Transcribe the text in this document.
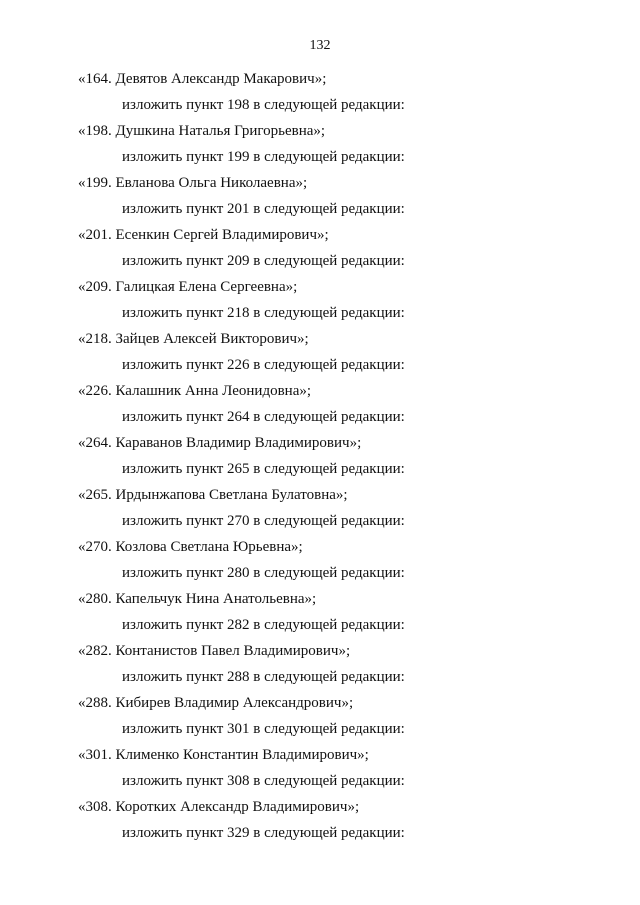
132
«164. Девятов Александр Макарович»;
изложить пункт 198 в следующей редакции:
«198. Душкина Наталья Григорьевна»;
изложить пункт 199 в следующей редакции:
«199. Евланова Ольга Николаевна»;
изложить пункт 201 в следующей редакции:
«201. Есенкин Сергей Владимирович»;
изложить пункт 209 в следующей редакции:
«209. Галицкая Елена Сергеевна»;
изложить пункт 218 в следующей редакции:
«218. Зайцев Алексей Викторович»;
изложить пункт 226 в следующей редакции:
«226. Калашник Анна Леонидовна»;
изложить пункт 264 в следующей редакции:
«264. Караванов Владимир Владимирович»;
изложить пункт 265 в следующей редакции:
«265. Ирдынжапова Светлана Булатовна»;
изложить пункт 270 в следующей редакции:
«270. Козлова Светлана Юрьевна»;
изложить пункт 280 в следующей редакции:
«280. Капельчук Нина Анатольевна»;
изложить пункт 282 в следующей редакции:
«282. Контанистов Павел Владимирович»;
изложить пункт 288 в следующей редакции:
«288. Кибирев Владимир Александрович»;
изложить пункт 301 в следующей редакции:
«301. Клименко Константин Владимирович»;
изложить пункт 308 в следующей редакции:
«308. Коротких Александр Владимирович»;
изложить пункт 329 в следующей редакции:
